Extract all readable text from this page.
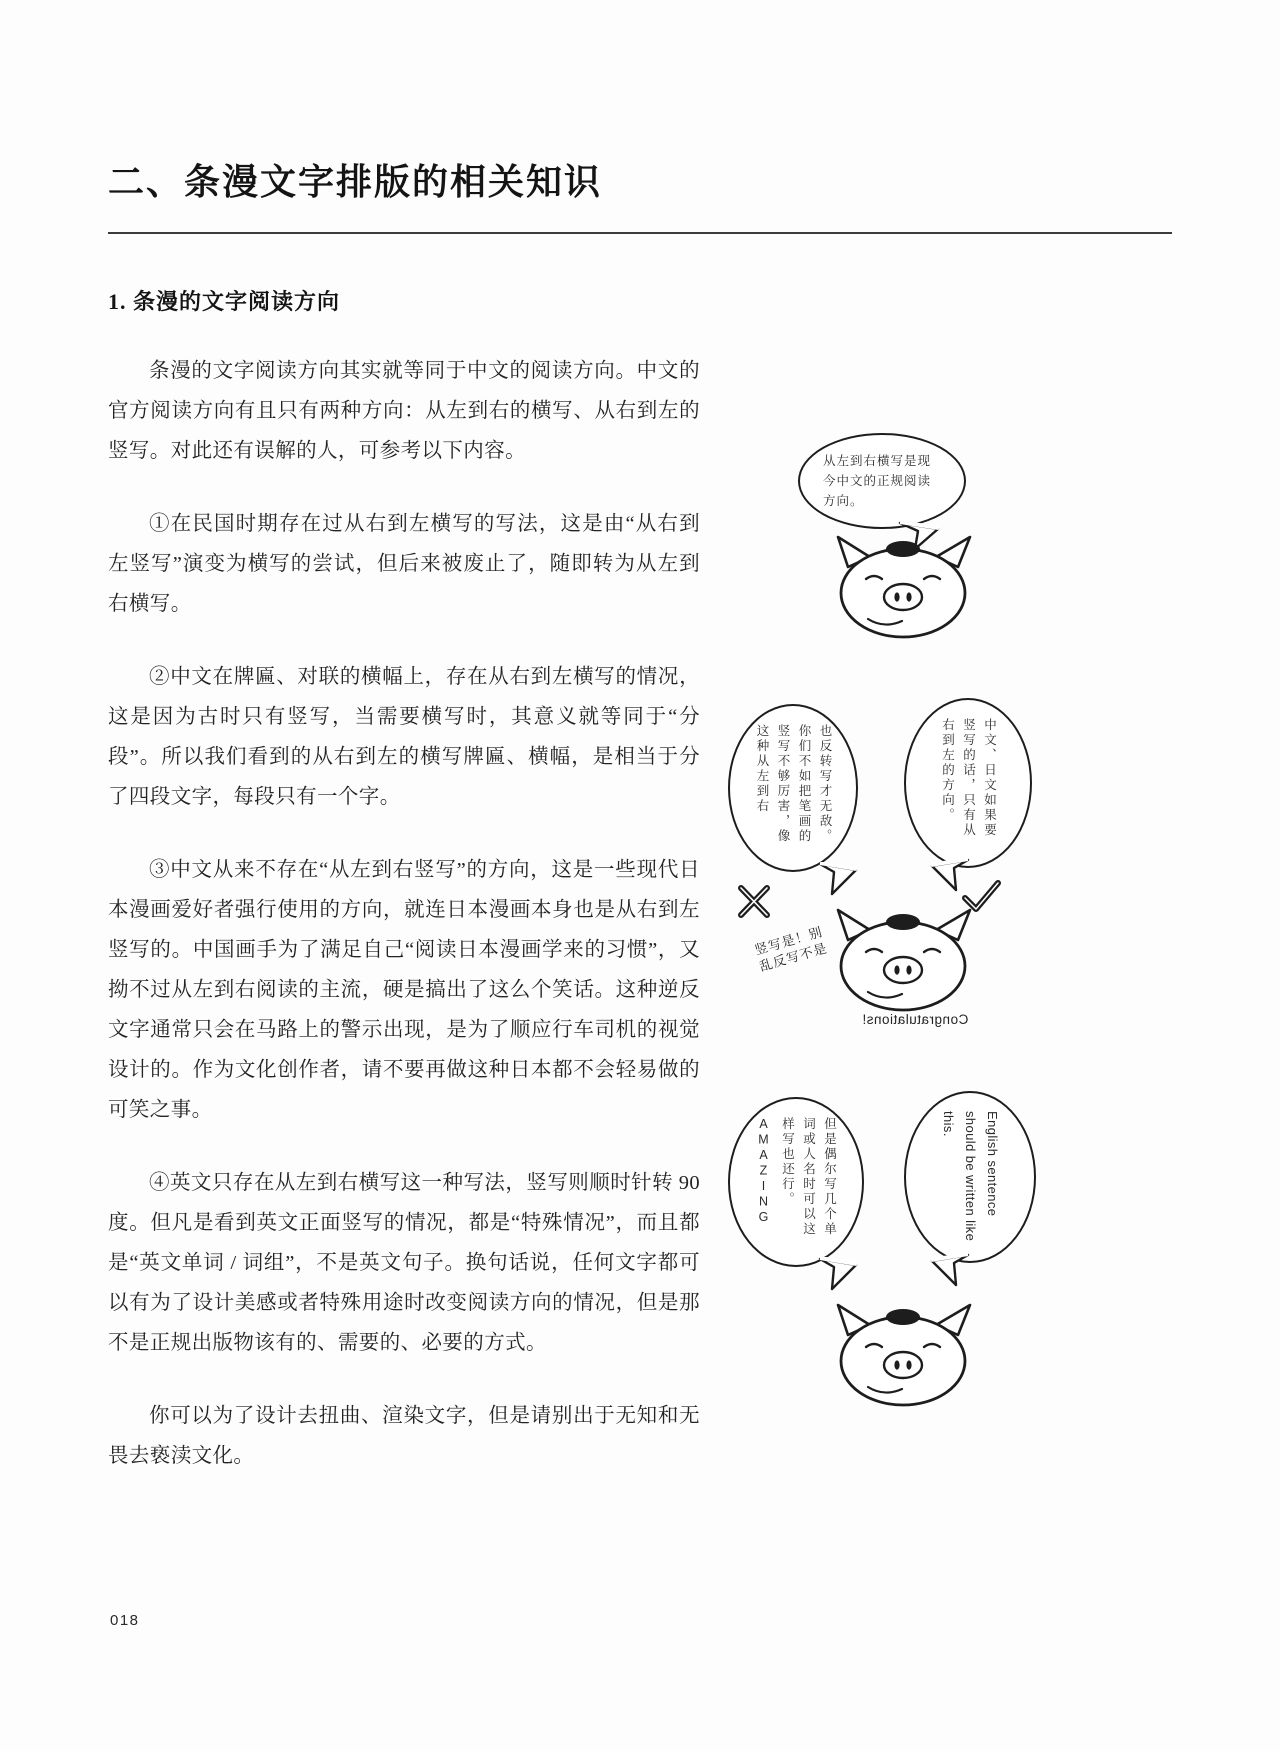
二、条漫文字排版的相关知识
1. 条漫的文字阅读方向

条漫的文字阅读方向其实就等同于中文的阅读方向。中文的官方阅读方向有且只有两种方向：从左到右的横写、从右到左的竖写。对此还有误解的人，可参考以下内容。

①在民国时期存在过从右到左横写的写法，这是由“从右到左竖写”演变为横写的尝试，但后来被废止了，随即转为从左到右横写。

②中文在牌匾、对联的横幅上，存在从右到左横写的情况，这是因为古时只有竖写，当需要横写时，其意义就等同于“分段”。所以我们看到的从右到左的横写牌匾、横幅，是相当于分了四段文字，每段只有一个字。

③中文从来不存在“从左到右竖写”的方向，这是一些现代日本漫画爱好者强行使用的方向，就连日本漫画本身也是从右到左竖写的。中国画手为了满足自己“阅读日本漫画学来的习惯”，又拗不过从左到右阅读的主流，硬是搞出了这么个笑话。这种逆反文字通常只会在马路上的警示出现，是为了顺应行车司机的视觉设计的。作为文化创作者，请不要再做这种日本都不会轻易做的可笑之事。

④英文只存在从左到右横写这一种写法，竖写则顺时针转 90 度。但凡是看到英文正面竖写的情况，都是“特殊情况”，而且都是“英文单词 / 词组”，不是英文句子。换句话说，任何文字都可以有为了设计美感或者特殊用途时改变阅读方向的情况，但是那不是正规出版物该有的、需要的、必要的方式。

你可以为了设计去扭曲、渲染文字，但是请别出于无知和无畏去亵渎文化。

从左到右横写是现今中文的正规阅读方向。
也反转写才无敌。你们不如把笔画的竖写不够厉害，像这种从左到右	中文、日文如果要竖写的话，只有从右到左的方向。
竖写是！别乱反写不是
Congratulations!
但是偶尔写几个单词或人名时可以这样写也还行。
AMAZING	English sentence should be written like this.
018
